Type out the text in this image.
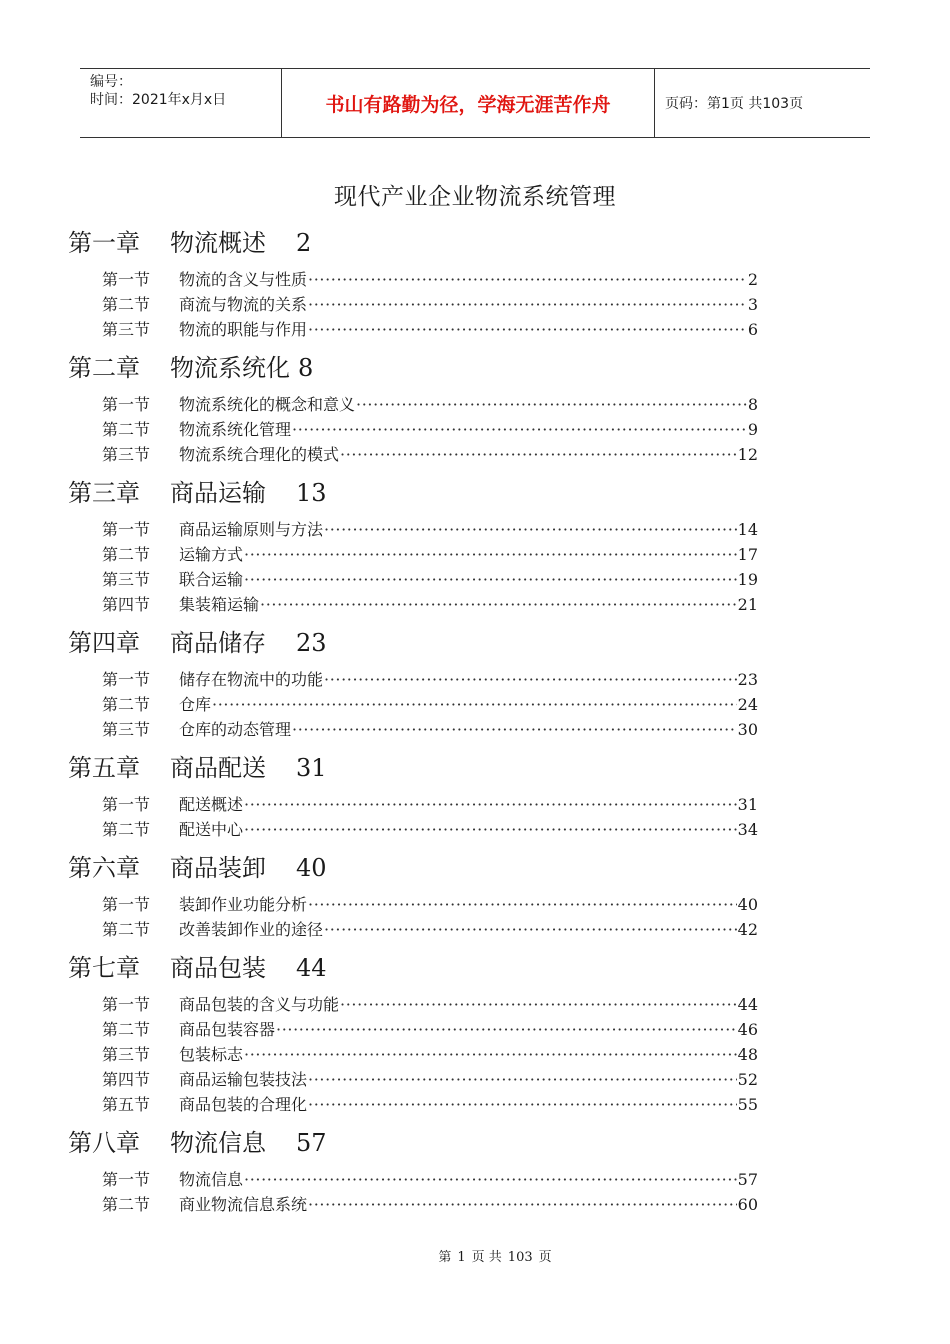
编号：
时间：2021年x月x日	书山有路勤为径，学海无涯苦作舟	页码：第1页 共103页
现代产业企业物流系统管理
第一章 物流概述 2
第一节	物流的含义与性质 ·····	2
第二节	商流与物流的关系 ·····	3
第三节	物流的职能与作用 ·····	6
第二章 物流系统化 8
第一节	物流系统化的概念和意义 ·····	8
第二节	物流系统化管理 ·····	9
第三节	物流系统合理化的模式 ·····	12
第三章 商品运输 13
第一节	商品运输原则与方法 ·····	14
第二节	运输方式 ·····	17
第三节	联合运输 ·····	19
第四节	集装箱运输 ·····	21
第四章 商品储存 23
第一节	储存在物流中的功能 ·····	23
第二节	仓库 ·····	24
第三节	仓库的动态管理 ·····	30
第五章 商品配送 31
第一节	配送概述 ·····	31
第二节	配送中心 ·····	34
第六章 商品装卸 40
第一节	装卸作业功能分析 ·····	40
第二节	改善装卸作业的途径 ·····	42
第七章 商品包装 44
第一节	商品包装的含义与功能 ·····	44
第二节	商品包装容器 ·····	46
第三节	包装标志 ·····	48
第四节	商品运输包装技法 ·····	52
第五节	商品包装的合理化 ·····	55
第八章 物流信息 57
第一节	物流信息 ·····	57
第二节	商业物流信息系统 ·····	60
第 1 页 共 103 页
